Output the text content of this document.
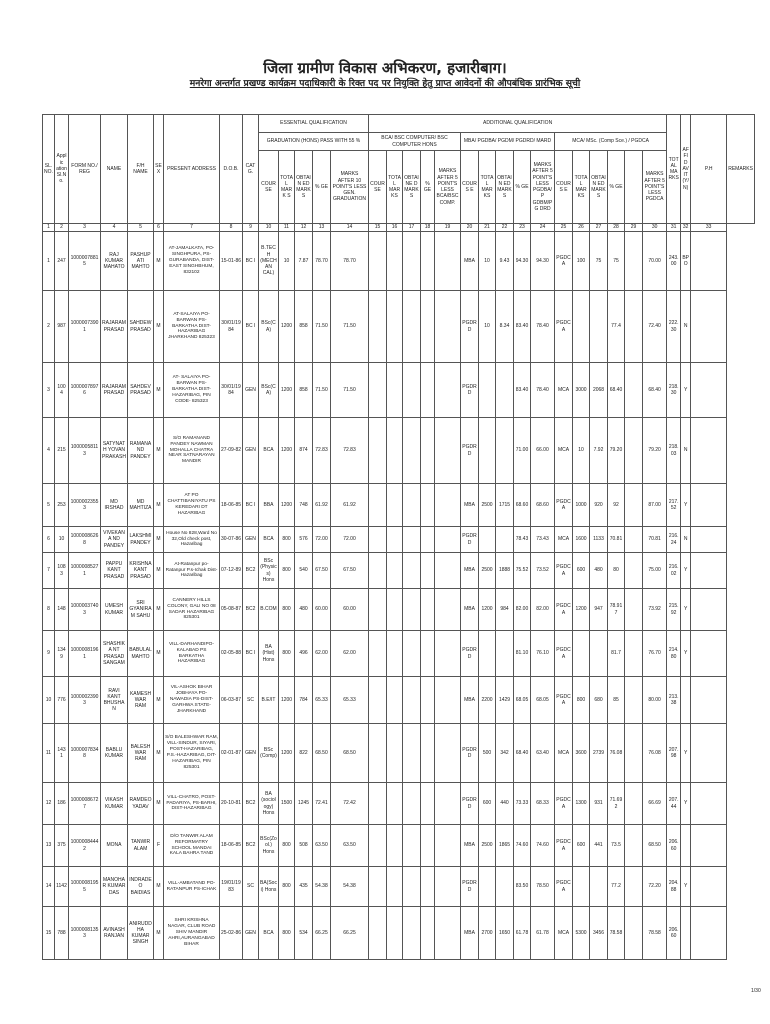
जिला ग्रामीण विकास अभिकरण, हजारीबाग।
मनरेगा अन्तर्गत प्रखण्ड कार्यक्रम पदाधिकारी के रिक्त पद पर नियुक्ति हेतु प्राप्त आवेदनों की औपबंधिक प्रारंभिक सूची
SL. NO.	Applic ation Sl.No.	FORM NO./ REG	NAME	F/H NAME	SEX	PRESENT ADDRESS	D.O.B.	CATG.	ESSENTIAL QUALIFICATION					ADDITIONAL QUALIFICATION																TOTAL MARKS	AFFID AVIT (Y/N)	P.H	REMARKS
									GRADUATION (HONS) PASS WITH 55 %					BCA/ BSC COMPUTER/ BSC COMPUTER HONS					MBA/ PGDBA/ PGDM/ PGDRD/ MARD					MCA/ MSc. (Comp Sce.) / PGDCA									
									COURSE	TOTAL MARK S	OBTAIN ED MARKS	% GE	MARKS AFTER 10 POINT'S LESS GEN. GRADUATION	COURSE	TOTAL MARKS	OBTAINE D MARKS	% GE	MARKS AFTER 5 POINT'S LESS BCA/BSC COMP.	COURS E	TOTAL MARKS	OBTAIN ED MARKS	% GE	MARKS AFTER 5 POINT'S LESS PGDBA/P GDBM/PG DRD	COURS E	TOTAL MARKS	OBTAIN ED MARKS	% GE		MARKS AFTER 5 POINT'S LESS PGDCA				
1	2	3	4	5	6	7	8	9	10	11	12	13	14	15	16	17	18	19	20	21	22	23	24	25	26	27	28	29	30	31	32	33	
1	247	10000078815	RAJ KUMAR MAHATO	PASHUPATI MAHTO	M	AT-JAMALKATA, PO-SINGHPURA, PS-GURABANDA, DIST-EAST SINGHBHUM, 832102	15-01-86	BC I	B.TECH (MECHAN CAL)	10	7.87	78.70	78.70						MBA	10	9.43	94.30	94.30	PGDCA	100	75	75		70.00	243.00	BPO		
2	987	10000073901	RAJARAM PRASAD	SAHDEW PRASAD	M	AT-SALAIYA PO-BARWAN PS-BARKATHA DIST-HAZARIBAG JHARKHAND 825323	30/01/1984	BC I	BSc(CA)	1200	858	71.50	71.50						PGDRD	10	8.34	83.40	78.40	PGDCA			77.4		72.40	222.30	N		
3	1004	10000078976	RAJARAM PRASAD	SAHDEV PRASAD	M	AT- SALAIYA PO-BARWAN PS-BARKATHA DIST-HAZARIBAG, PIN CODE- 825323	30/01/1984	GEN	BSc(CA)	1200	858	71.50	71.50						PGDRD			83.40	78.40	MCA	3000	2068	68.40		68.40	218.30	Y		
4	215	10000058113	SATYNATH YOVAN PRAKASH	RAMANAND PANDEY	M	S/O RAMANAND PANDEY NAWMAN MOHALLA CHATRA NEAR SATNARAYAN MANDIR	27-09-82	GEN	BCA	1200	874	72.83	72.83						PGDRD			71.00	66.00	MCA	10	7.92	79.20		79.20	218.03	N		
5	253	10000023553	MD IRSHAD	MD MAHTIZA	M	AT PO CHATTIBANIYATU PS KEREDARI DT HAZARIBAG	18-06-85	BC I	BBA	1200	748	61.92	61.92						MBA	2500	1715	68.60	68.60	PGDCA	1000	920	92		87.00	217.52	Y		
6	10	10000086268	VIVEKANA ND PANDEY	LAKSHMI PANDEY	M	House No 828,Ward No 32,Old check post, Hazaribag	30-07-86	GEN	BCA	800	576	72.00	72.00						PGDRD			78.43	73.43	MCA	1600	1133	70.81		70.81	216.24	N		
7	1083	10000085271	PAPPU KANT PRASAD	KRISHNAKANT PRASAD	M	At-Ratanpur po-Ratanpur P.s-Ichak Dist-Hazaribag	07-12-89	BC2	BSc (Physics) Hons	800	540	67.50	67.50						MBA	2500	1888	75.52	73.52	PGDCA	600	480	80		75.00	216.02	Y		
8	148	10000037403	UMESH KUMAR	SRI GYANIRAM SAHU	M	CANNERY HILLS COLONY, GALI NO 08 SADAR HAZARIBAG 825301	05-08-87	BC2	B.COM	800	480	60.00	60.00						MBA	1200	984	82.00	82.00	PGDCA	1200	947	78.917		73.92	215.92	Y		
9	1349	10000081961	SHASHIKA NT PRASAD SANGAM	BABULAL MAHTO	M	VILL-DARHANDIPO-KALABAD PS BARKATHA HAZARIBAG	02-05-88	BC I	BA (Hist) Hons	800	496	62.00	62.00						PGDRD			81.10	76.10	PGDCA			81.7		76.70	214.80	Y		
10	776	10000023903	RAVI KANT BHUSHAN	KAMESHWAR RAM	M	VIL-ASHOK BIHAR JOBHAYA PO-NAWADIA PS-DIST-GARHWA STATE-JHARKHAND	06-03-87	SC	B.E/IT	1200	784	65.33	65.33						MBA	2200	1429	68.05	68.05	PGDCA	800	680	85		80.00	213.38			
11	1431	10000078348	BABLU KUMAR	BALESHWAR RAM	M	S/O BALESHWAR RAM, VILL-SINDUR, SIYARI, POST-HAZARIBAG, P.S.-HAZARIBAG, DIT-HAZARIBAG, PIN 825301	02-01-87	GEN	BSc (Comp)	1200	822	68.50	68.50						PGDRD	500	342	68.40	63.40	MCA	3600	2739	76.08		76.08	207.98	Y		
12	186	10000086727	VIKASH KUMAR	RAMDEO YADAV	M	VILL-CHATRO, POST-PADARIYA, PS-BARHI, DIST-HAZARIBAG	20-10-81	BC2	BA (sociology) Hons	1500	1245	72.41	72.42						PGDRD	600	440	73.33	68.33	PGDCA	1300	931	71.692		66.69	207.44	Y		
13	375	10000084442	MONA	TANWIR ALAM	F	D/O TANWIR ALAM REFORMATRY SCHOOL MANDAI KALA BAHRA TAND	18-06-85	BC2	BSc(Zool.) Hons	800	508	63.50	63.50						MBA	2500	1865	74.60	74.60	PGDCA	600	441	73.5		68.50	206.60			
14	1142	10000081955	MANOHAR KUMAR DAS	INDRADEO BAIDIAS	M	VILL-AMBATAND PO-RATANPUR PS-ICHAK	19/01/1983	SC	BA(Soci) Hons	800	435	54.38	54.38						PGDRD			83.50	78.50	PGDCA			77.2		72.20	204.88	Y		
15	788	10000081353	AVINASH RANJAN	ANIRUDDHA KUMAR SINGH	M	SHRI KRISHNA NAGAR, CLUB ROAD SHIV MANDIR AHRI,AURANGABAD BIHAR	25-02-86	GEN	BCA	800	534	66.25	66.25						MBA	2700	1650	61.78	61.78	MCA	5300	3456	78.58		78.58	206.60			
1/30
